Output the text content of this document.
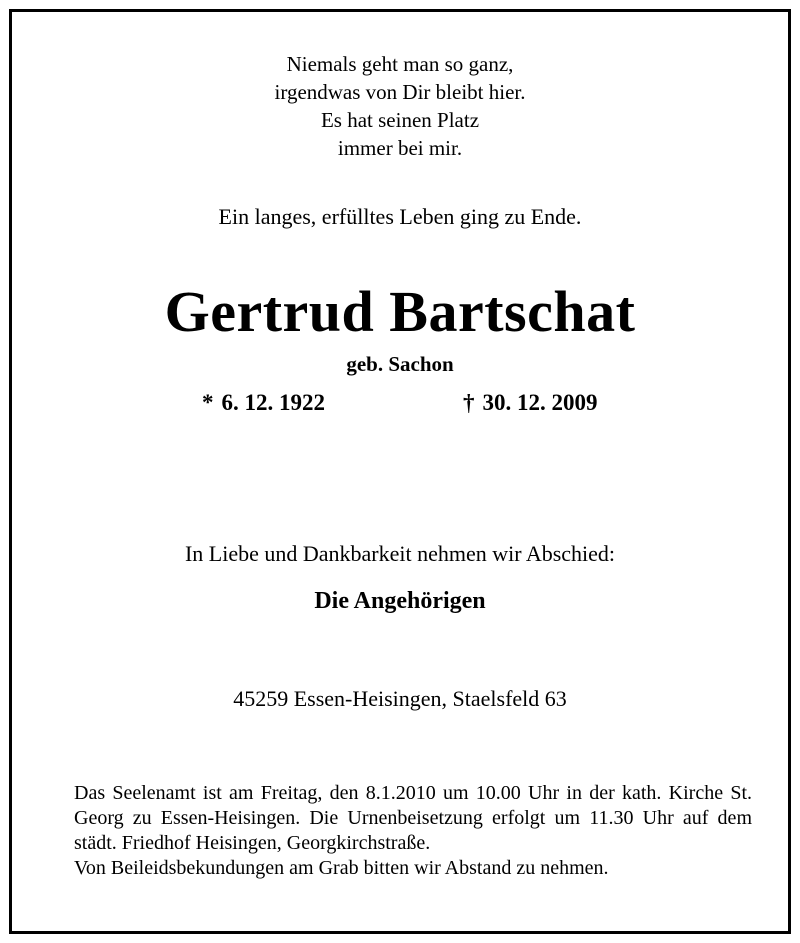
Niemals geht man so ganz,
irgendwas von Dir bleibt hier.
Es hat seinen Platz
immer bei mir.
Ein langes, erfülltes Leben ging zu Ende.
Gertrud Bartschat
geb. Sachon
* 6. 12. 1922	† 30. 12. 2009
In Liebe und Dankbarkeit nehmen wir Abschied:
Die Angehörigen
45259 Essen-Heisingen, Staelsfeld 63

Das Seelenamt ist am Freitag, den 8.1.2010 um 10.00 Uhr in der kath. Kirche St. Georg zu Essen-Heisingen. Die Urnenbeisetzung erfolgt um 11.30 Uhr auf dem städt. Friedhof Heisingen, Georgkirchstraße.

Von Beileidsbekundungen am Grab bitten wir Abstand zu nehmen.
